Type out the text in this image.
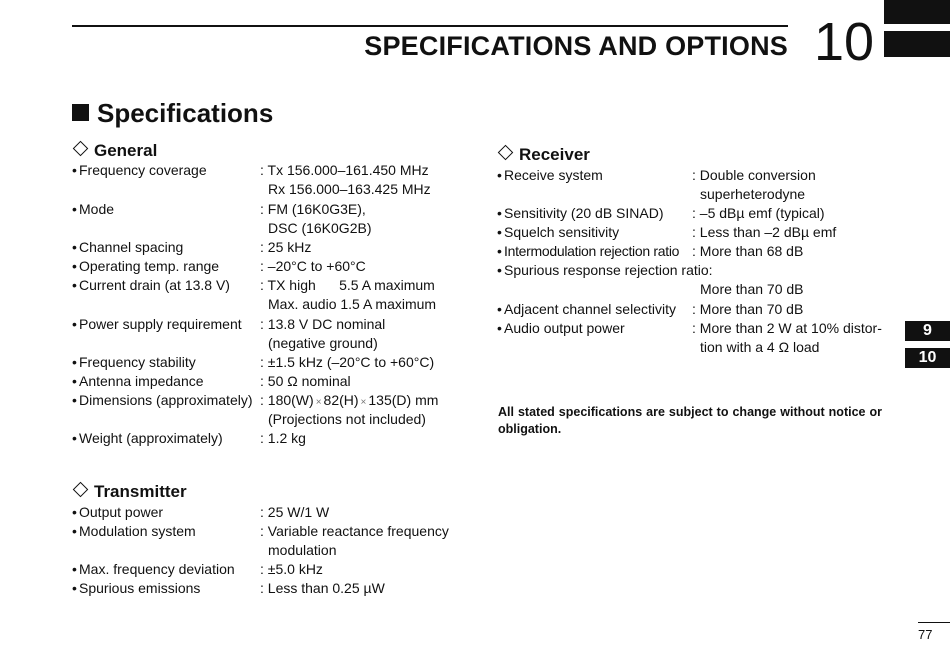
SPECIFICATIONS AND OPTIONS 10
Specifications
General
• Frequency coverage	: Tx 156.000–161.450 MHz
Rx 156.000–163.425 MHz
• Mode	: FM (16K0G3E),
DSC (16K0G2B)
• Channel spacing	: 25 kHz
• Operating temp. range	: –20°C to +60°C
• Current drain (at 13.8 V) : TX high      5.5 A maximum
Max. audio 1.5 A maximum
• Power supply requirement : 13.8 V DC nominal
(negative ground)
• Frequency stability	: ±1.5 kHz (–20°C to +60°C)
• Antenna impedance	: 50 Ω nominal
• Dimensions (approximately) : 180(W) × 82(H) × 135(D) mm
(Projections not included)
• Weight (approximately)	: 1.2 kg
Transmitter
• Output power	: 25 W/1 W
• Modulation system	: Variable reactance frequency
modulation
• Max. frequency deviation : ±5.0 kHz
• Spurious emissions	: Less than 0.25 µW
Receiver
• Receive system	: Double conversion
superheterodyne
• Sensitivity (20 dB SINAD) : –5 dBµ emf (typical)
• Squelch sensitivity	: Less than –2 dBµ emf
• Intermodulation rejection ratio : More than 68 dB
• Spurious response rejection ratio:
More than 70 dB
• Adjacent channel selectivity : More than 70 dB
• Audio output power	: More than 2 W at 10% distor-
tion with a 4 Ω load
All stated specifications are subject to change without notice or obligation.
9
10
77
